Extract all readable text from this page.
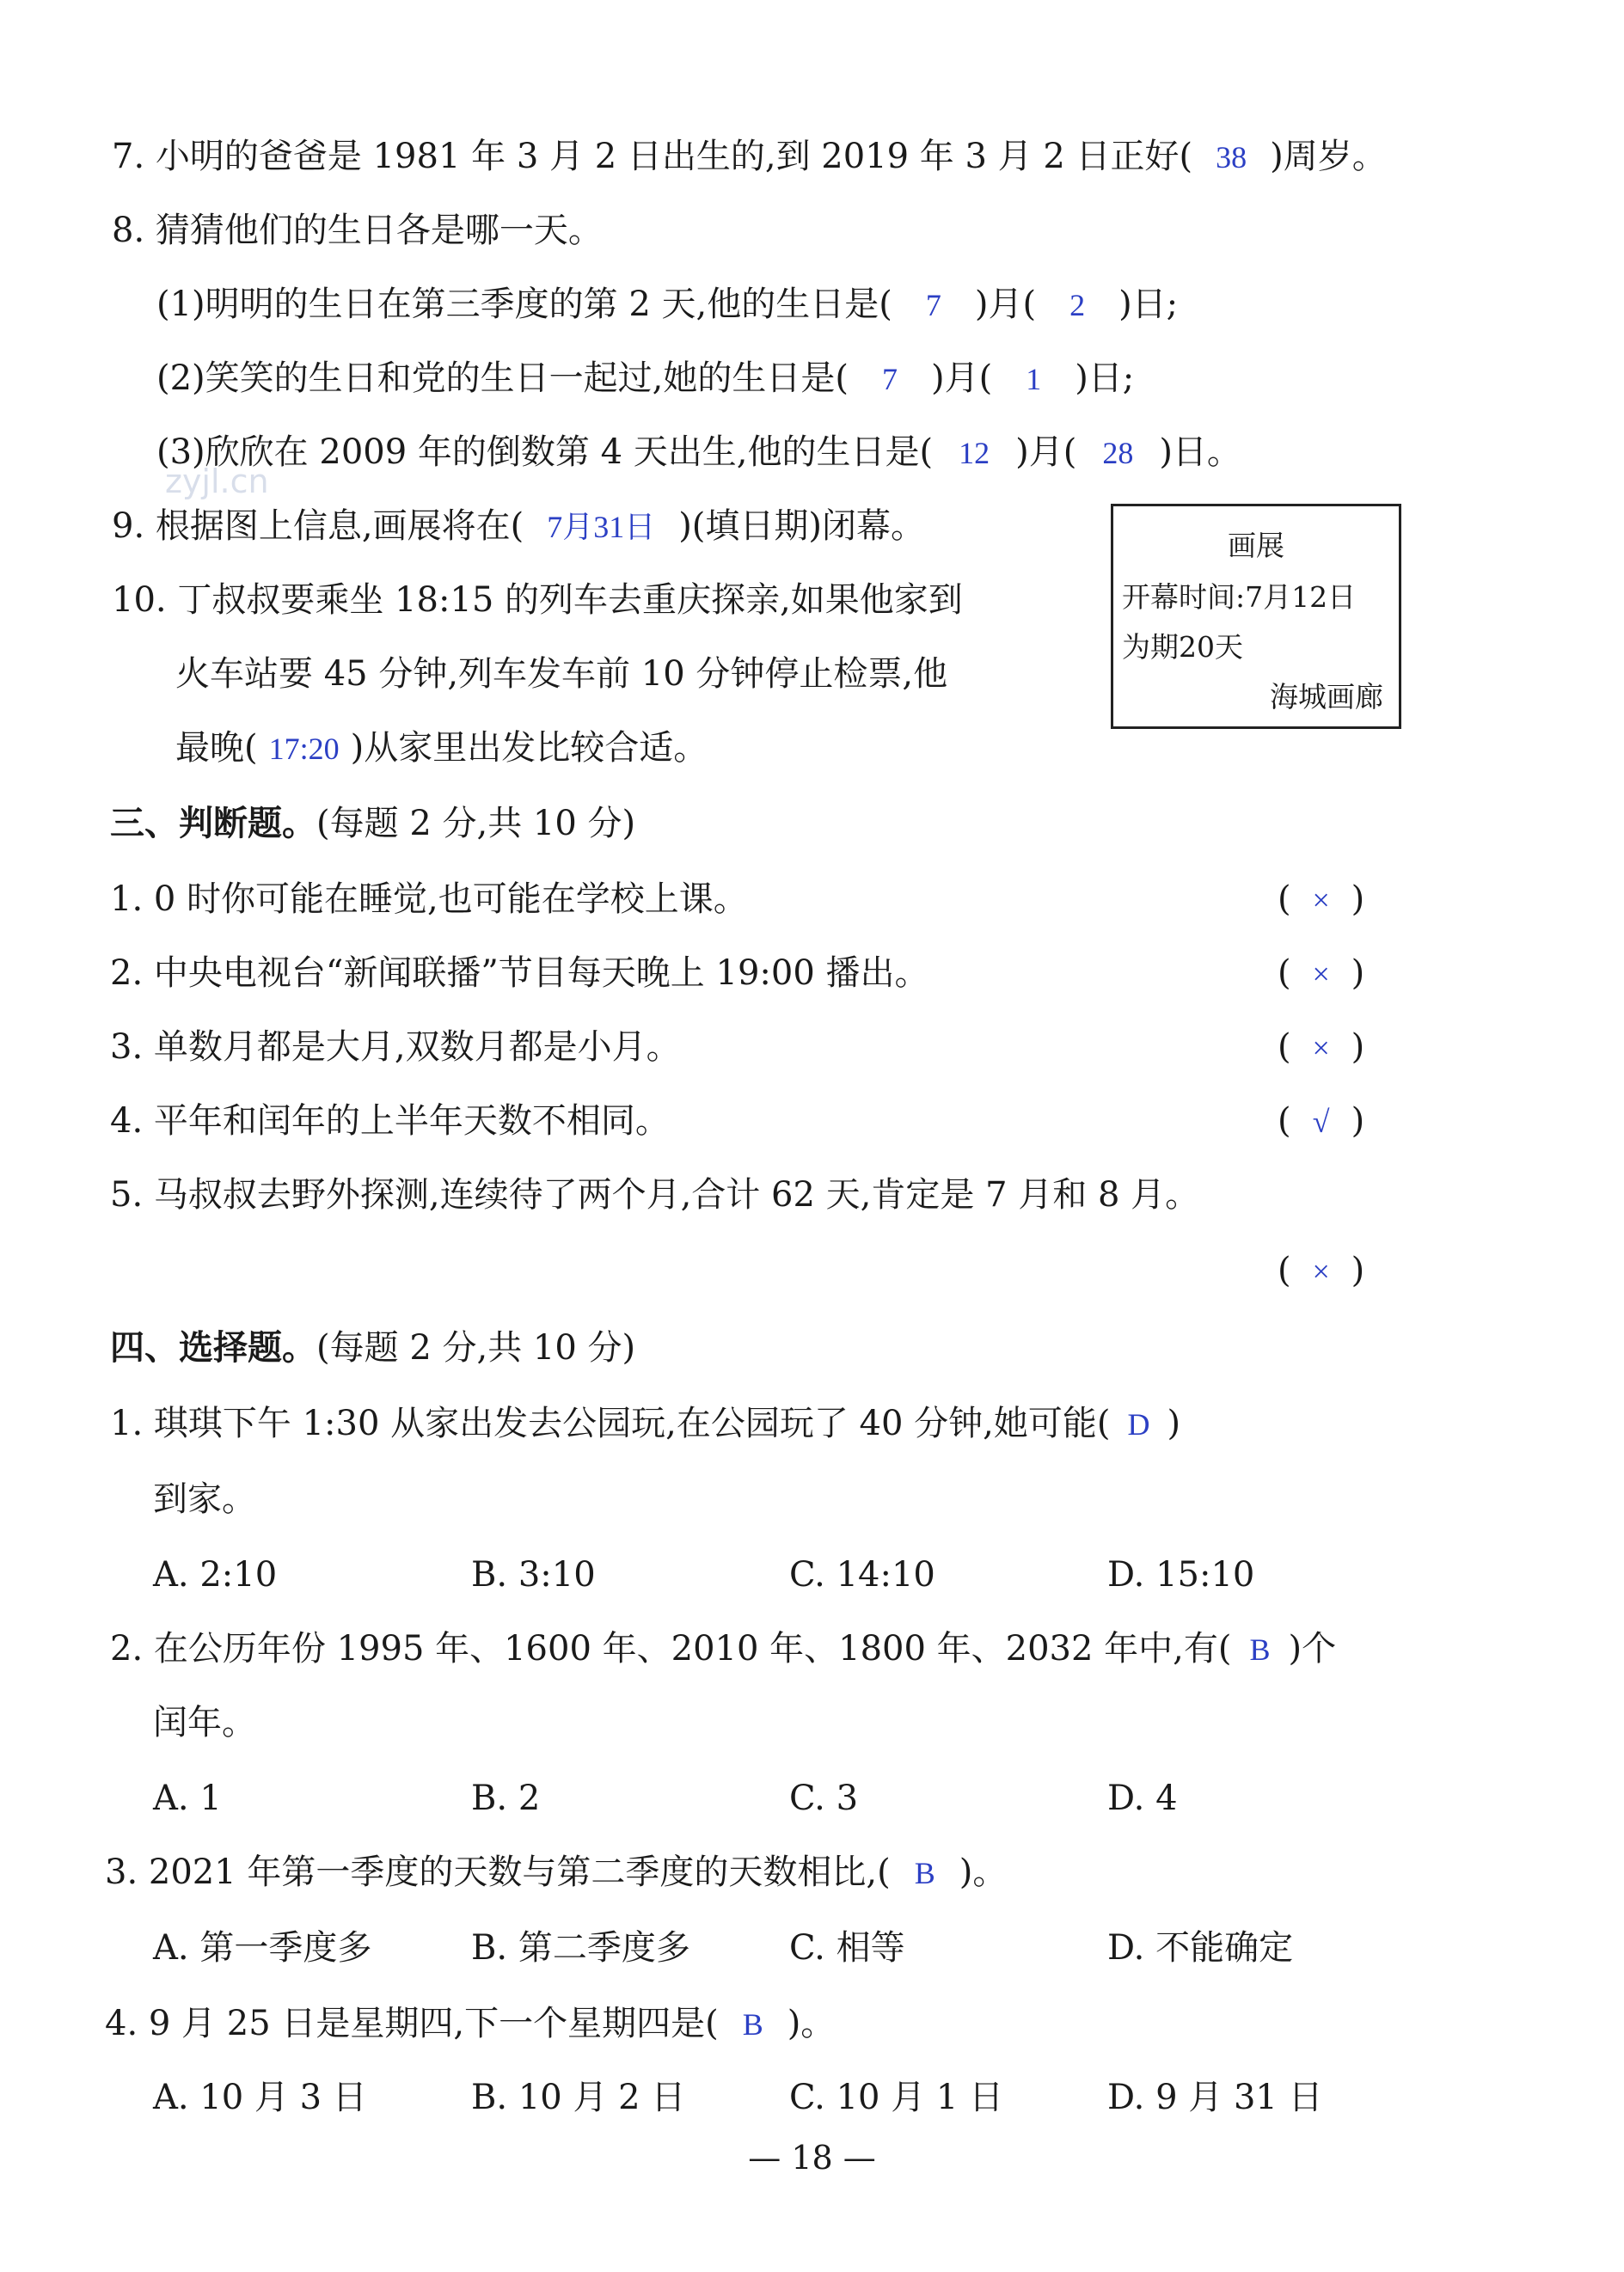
7. 小明的爸爸是 1981 年 3 月 2 日出生的,到 2019 年 3 月 2 日正好( 38 )周岁。
8. 猜猜他们的生日各是哪一天。
(1)明明的生日在第三季度的第 2 天,他的生日是( 7 )月( 2 )日;
(2)笑笑的生日和党的生日一起过,她的生日是( 7 )月( 1 )日;
(3)欣欣在 2009 年的倒数第 4 天出生,他的生日是( 12 )月( 28 )日。
zyjl.cn
9. 根据图上信息,画展将在( 7月31日 )(填日期)闭幕。	画展
开幕时间:7月12日
为期20天
海城画廊
10. 丁叔叔要乘坐 18:15 的列车去重庆探亲,如果他家到
火车站要 45 分钟,列车发车前 10 分钟停止检票,他
最晚( 17:20 )从家里出发比较合适。
三、判断题。(每题 2 分,共 10 分)
1. 0 时你可能在睡觉,也可能在学校上课。	( × )
2. 中央电视台“新闻联播”节目每天晚上 19:00 播出。	( × )
3. 单数月都是大月,双数月都是小月。	( × )
4. 平年和闰年的上半年天数不相同。	( √ )
5. 马叔叔去野外探测,连续待了两个月,合计 62 天,肯定是 7 月和 8 月。
( × )
四、选择题。(每题 2 分,共 10 分)
1. 琪琪下午 1:30 从家出发去公园玩,在公园玩了 40 分钟,她可能( D )
到家。
A. 2:10	B. 3:10	C. 14:10	D. 15:10
2. 在公历年份 1995 年、1600 年、2010 年、1800 年、2032 年中,有( B )个
闰年。
A. 1	B. 2	C. 3	D. 4
3. 2021 年第一季度的天数与第二季度的天数相比,( B )。
A. 第一季度多	B. 第二季度多	C. 相等	D. 不能确定
4. 9 月 25 日是星期四,下一个星期四是( B )。
A. 10 月 3 日	B. 10 月 2 日	C. 10 月 1 日	D. 9 月 31 日
— 18 —
